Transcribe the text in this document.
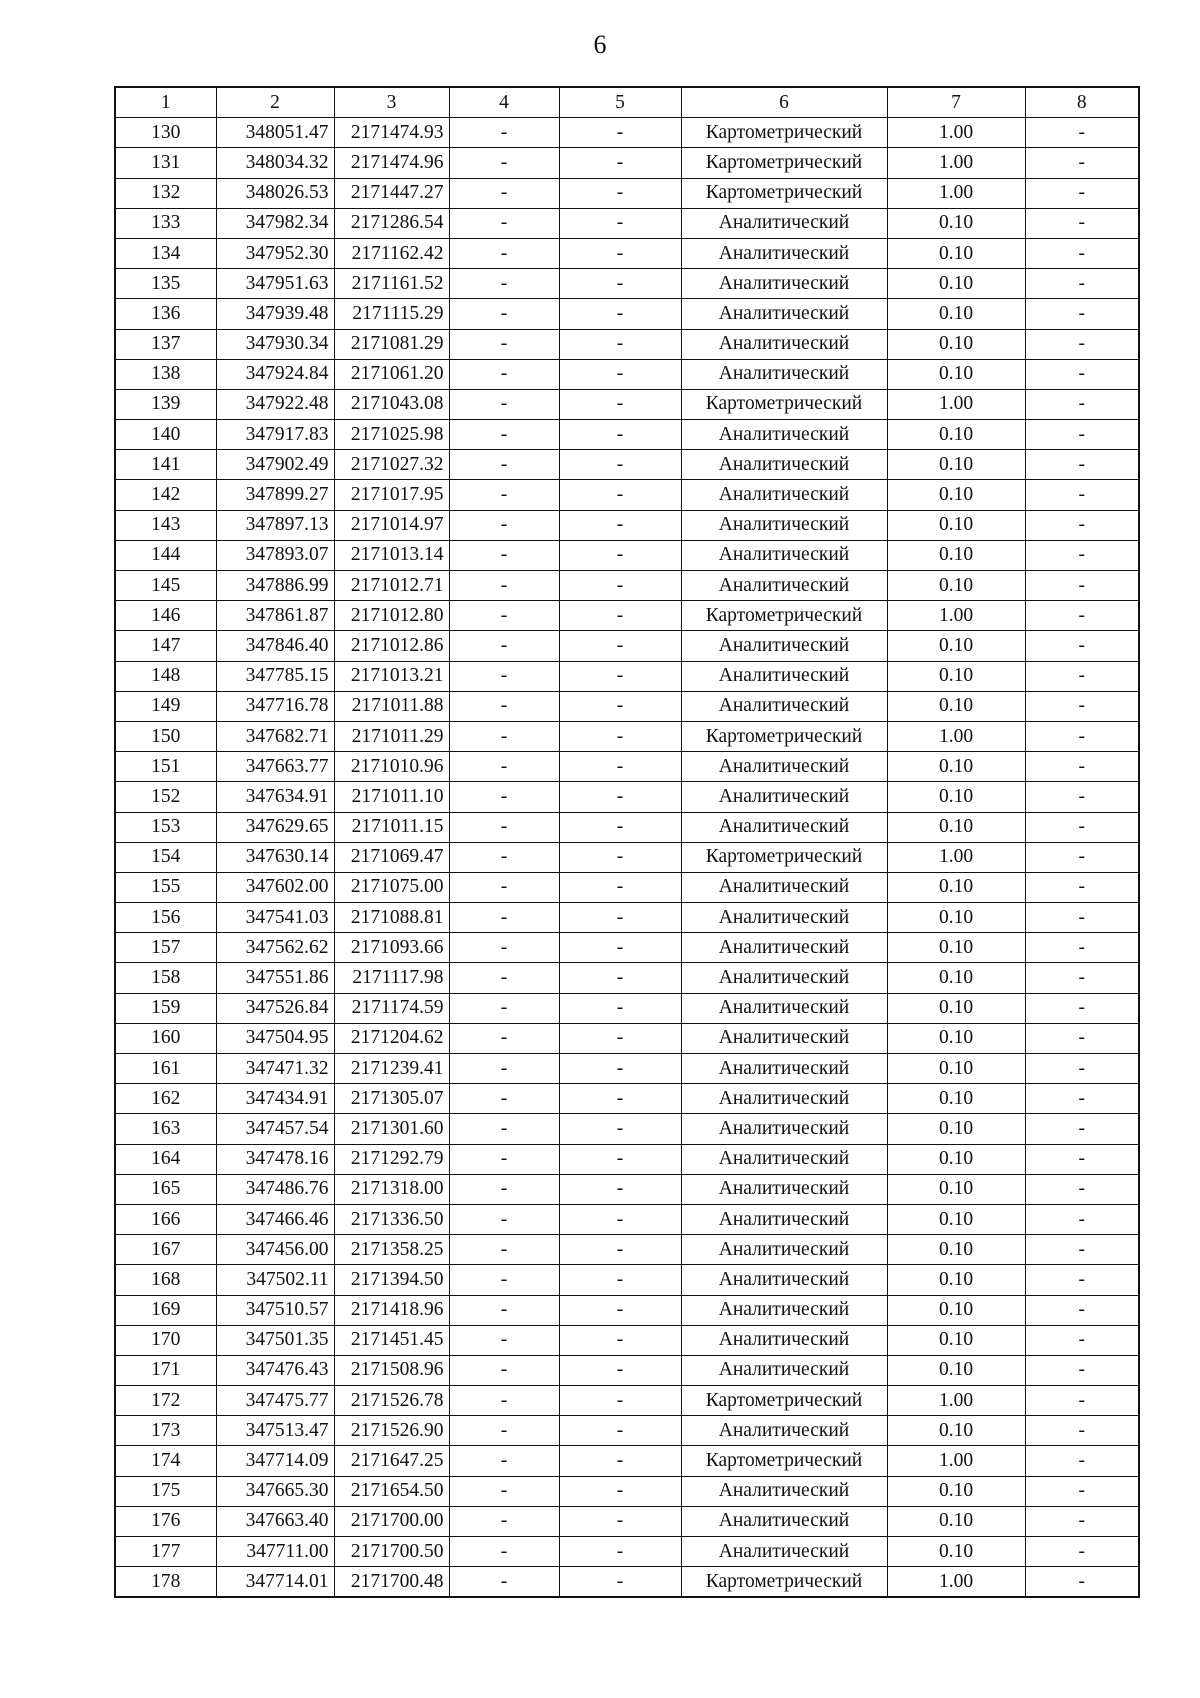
6
1	2	3	4	5	6	7	8
130	348051.47	2171474.93	-	-	Картометрический	1.00	-
131	348034.32	2171474.96	-	-	Картометрический	1.00	-
132	348026.53	2171447.27	-	-	Картометрический	1.00	-
133	347982.34	2171286.54	-	-	Аналитический	0.10	-
134	347952.30	2171162.42	-	-	Аналитический	0.10	-
135	347951.63	2171161.52	-	-	Аналитический	0.10	-
136	347939.48	2171115.29	-	-	Аналитический	0.10	-
137	347930.34	2171081.29	-	-	Аналитический	0.10	-
138	347924.84	2171061.20	-	-	Аналитический	0.10	-
139	347922.48	2171043.08	-	-	Картометрический	1.00	-
140	347917.83	2171025.98	-	-	Аналитический	0.10	-
141	347902.49	2171027.32	-	-	Аналитический	0.10	-
142	347899.27	2171017.95	-	-	Аналитический	0.10	-
143	347897.13	2171014.97	-	-	Аналитический	0.10	-
144	347893.07	2171013.14	-	-	Аналитический	0.10	-
145	347886.99	2171012.71	-	-	Аналитический	0.10	-
146	347861.87	2171012.80	-	-	Картометрический	1.00	-
147	347846.40	2171012.86	-	-	Аналитический	0.10	-
148	347785.15	2171013.21	-	-	Аналитический	0.10	-
149	347716.78	2171011.88	-	-	Аналитический	0.10	-
150	347682.71	2171011.29	-	-	Картометрический	1.00	-
151	347663.77	2171010.96	-	-	Аналитический	0.10	-
152	347634.91	2171011.10	-	-	Аналитический	0.10	-
153	347629.65	2171011.15	-	-	Аналитический	0.10	-
154	347630.14	2171069.47	-	-	Картометрический	1.00	-
155	347602.00	2171075.00	-	-	Аналитический	0.10	-
156	347541.03	2171088.81	-	-	Аналитический	0.10	-
157	347562.62	2171093.66	-	-	Аналитический	0.10	-
158	347551.86	2171117.98	-	-	Аналитический	0.10	-
159	347526.84	2171174.59	-	-	Аналитический	0.10	-
160	347504.95	2171204.62	-	-	Аналитический	0.10	-
161	347471.32	2171239.41	-	-	Аналитический	0.10	-
162	347434.91	2171305.07	-	-	Аналитический	0.10	-
163	347457.54	2171301.60	-	-	Аналитический	0.10	-
164	347478.16	2171292.79	-	-	Аналитический	0.10	-
165	347486.76	2171318.00	-	-	Аналитический	0.10	-
166	347466.46	2171336.50	-	-	Аналитический	0.10	-
167	347456.00	2171358.25	-	-	Аналитический	0.10	-
168	347502.11	2171394.50	-	-	Аналитический	0.10	-
169	347510.57	2171418.96	-	-	Аналитический	0.10	-
170	347501.35	2171451.45	-	-	Аналитический	0.10	-
171	347476.43	2171508.96	-	-	Аналитический	0.10	-
172	347475.77	2171526.78	-	-	Картометрический	1.00	-
173	347513.47	2171526.90	-	-	Аналитический	0.10	-
174	347714.09	2171647.25	-	-	Картометрический	1.00	-
175	347665.30	2171654.50	-	-	Аналитический	0.10	-
176	347663.40	2171700.00	-	-	Аналитический	0.10	-
177	347711.00	2171700.50	-	-	Аналитический	0.10	-
178	347714.01	2171700.48	-	-	Картометрический	1.00	-
